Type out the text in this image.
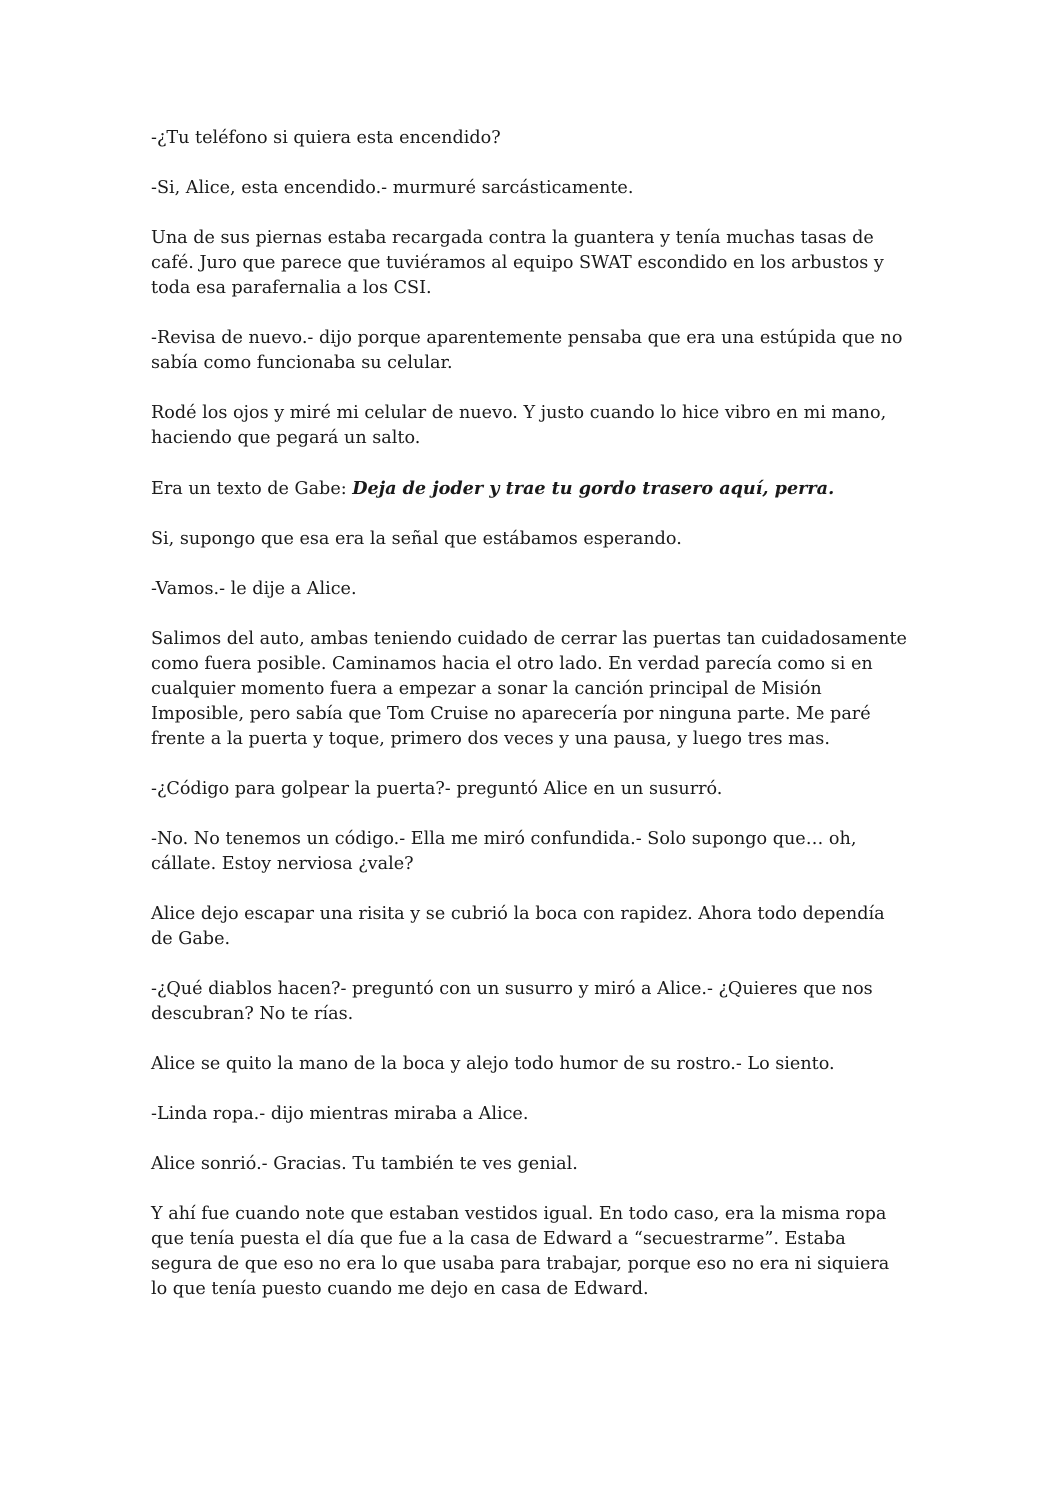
-¿Tu teléfono si quiera esta encendido?

-Si, Alice, esta encendido.- murmuré sarcásticamente.

Una de sus piernas estaba recargada contra la guantera y tenía muchas tasas de café. Juro que parece que tuviéramos al equipo SWAT escondido en los arbustos y toda esa parafernalia a los CSI.

-Revisa de nuevo.- dijo porque aparentemente pensaba que era una estúpida que no sabía como funcionaba su celular.

Rodé los ojos y miré mi celular de nuevo. Y justo cuando lo hice vibro en mi mano, haciendo que pegará un salto.

Era un texto de Gabe: Deja de joder y trae tu gordo trasero aquí, perra.

Si, supongo que esa era la señal que estábamos esperando.

-Vamos.- le dije a Alice.

Salimos del auto, ambas teniendo cuidado de cerrar las puertas tan cuidadosamente como fuera posible. Caminamos hacia el otro lado. En verdad parecía como si en cualquier momento fuera a empezar a sonar la canción principal de Misión Imposible, pero sabía que Tom Cruise no aparecería por ninguna parte. Me paré frente a la puerta y toque, primero dos veces y una pausa, y luego tres mas.

-¿Código para golpear la puerta?- preguntó Alice en un susurró.

-No. No tenemos un código.- Ella me miró confundida.- Solo supongo que… oh, cállate. Estoy nerviosa ¿vale?

Alice dejo escapar una risita y se cubrió la boca con rapidez. Ahora todo dependía de Gabe.

-¿Qué diablos hacen?- preguntó con un susurro y miró a Alice.- ¿Quieres que nos descubran? No te rías.

Alice se quito la mano de la boca y alejo todo humor de su rostro.- Lo siento.

-Linda ropa.- dijo mientras miraba a Alice.

Alice sonrió.- Gracias. Tu también te ves genial.

Y ahí fue cuando note que estaban vestidos igual. En todo caso, era la misma ropa que tenía puesta el día que fue a la casa de Edward a “secuestrarme”. Estaba segura de que eso no era lo que usaba para trabajar, porque eso no era ni siquiera lo que tenía puesto cuando me dejo en casa de Edward.
